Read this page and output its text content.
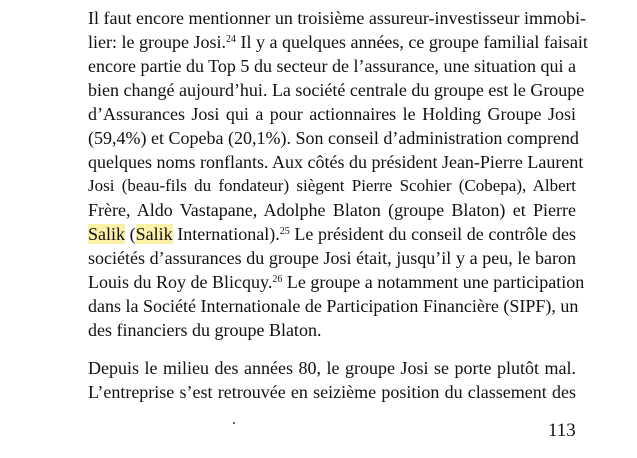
Il faut encore mentionner un troisième assureur-investisseur immobi-
lier: le groupe Josi.$^{24}$ Il y a quelques années, ce groupe familial faisait
encore partie du Top 5 du secteur de l’assurance, une situation qui a
bien changé aujourd’hui. La société centrale du groupe est le Groupe
d’Assurances Josi qui a pour actionnaires le Holding Groupe Josi
(59,4%) et Copeba (20,1%). Son conseil d’administration comprend
quelques noms ronflants. Aux côtés du président Jean-Pierre Laurent
Josi (beau-fils du fondateur) siègent Pierre Scohier (Cobepa), Albert
Frère, Aldo Vastapane, Adolphe Blaton (groupe Blaton) et Pierre
Salik (Salik International).$^{25}$ Le président du conseil de contrôle des
sociétés d’assurances du groupe Josi était, jusqu’il y a peu, le baron
Louis du Roy de Blicquy.$^{26}$ Le groupe a notamment une participation
dans la Société Internationale de Participation Financière (SIPF), un
des financiers du groupe Blaton.
Depuis le milieu des années 80, le groupe Josi se porte plutôt mal.
L’entreprise s’est retrouvée en seizième position du classement des
113
